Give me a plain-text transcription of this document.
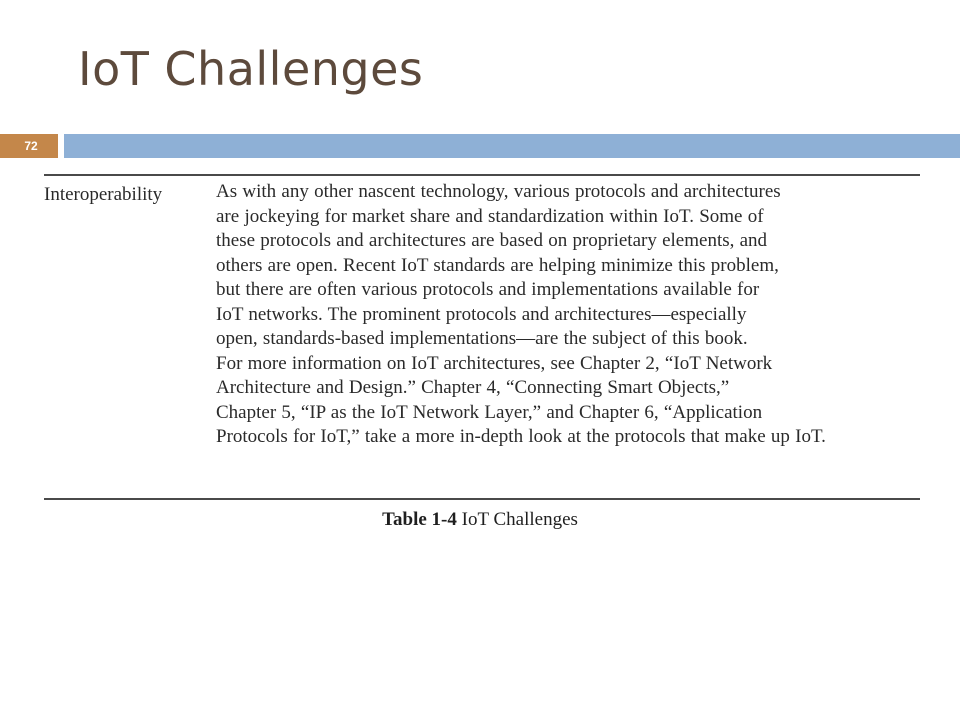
IoT Challenges
72
Interoperability	As with any other nascent technology, various protocols and architectures
are jockeying for market share and standardization within IoT. Some of
these protocols and architectures are based on proprietary elements, and
others are open. Recent IoT standards are helping minimize this problem,
but there are often various protocols and implementations available for
IoT networks. The prominent protocols and architectures—especially
open, standards-based implementations—are the subject of this book.
For more information on IoT architectures, see Chapter 2, “IoT Network
Architecture and Design.” Chapter 4, “Connecting Smart Objects,”
Chapter 5, “IP as the IoT Network Layer,” and Chapter 6, “Application
Protocols for IoT,” take a more in-depth look at the protocols that make up IoT.
Table 1-4 IoT Challenges
